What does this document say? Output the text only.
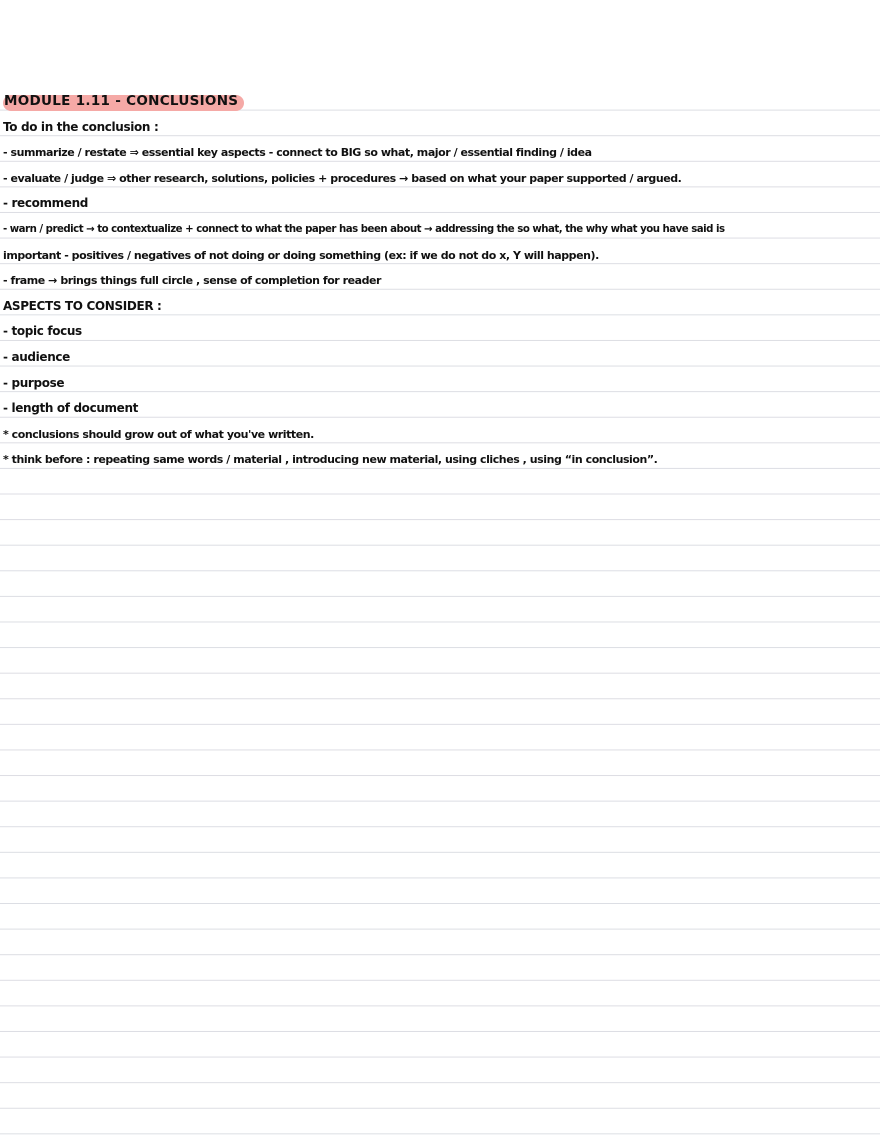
MODULE 1.11 - CONCLUSIONS
To do in the conclusion :
- summarize / restate ⇒ essential key aspects - connect to BIG so what, major / essential finding / idea
- evaluate / judge ⇒ other research, solutions, policies + procedures → based on what your paper supported / argued.
- recommend
- warn / predict → to contextualize + connect to what the paper has been about → addressing the so what, the why what you have said is
important - positives / negatives of not doing or doing something (ex: if we do not do x, Y will happen).
- frame → brings things full circle , sense of completion for reader
ASPECTS TO CONSIDER :
- topic focus
- audience
- purpose
- length of document
* conclusions should grow out of what you've written.
* think before : repeating same words / material , introducing new material, using cliches , using “in conclusion”.
